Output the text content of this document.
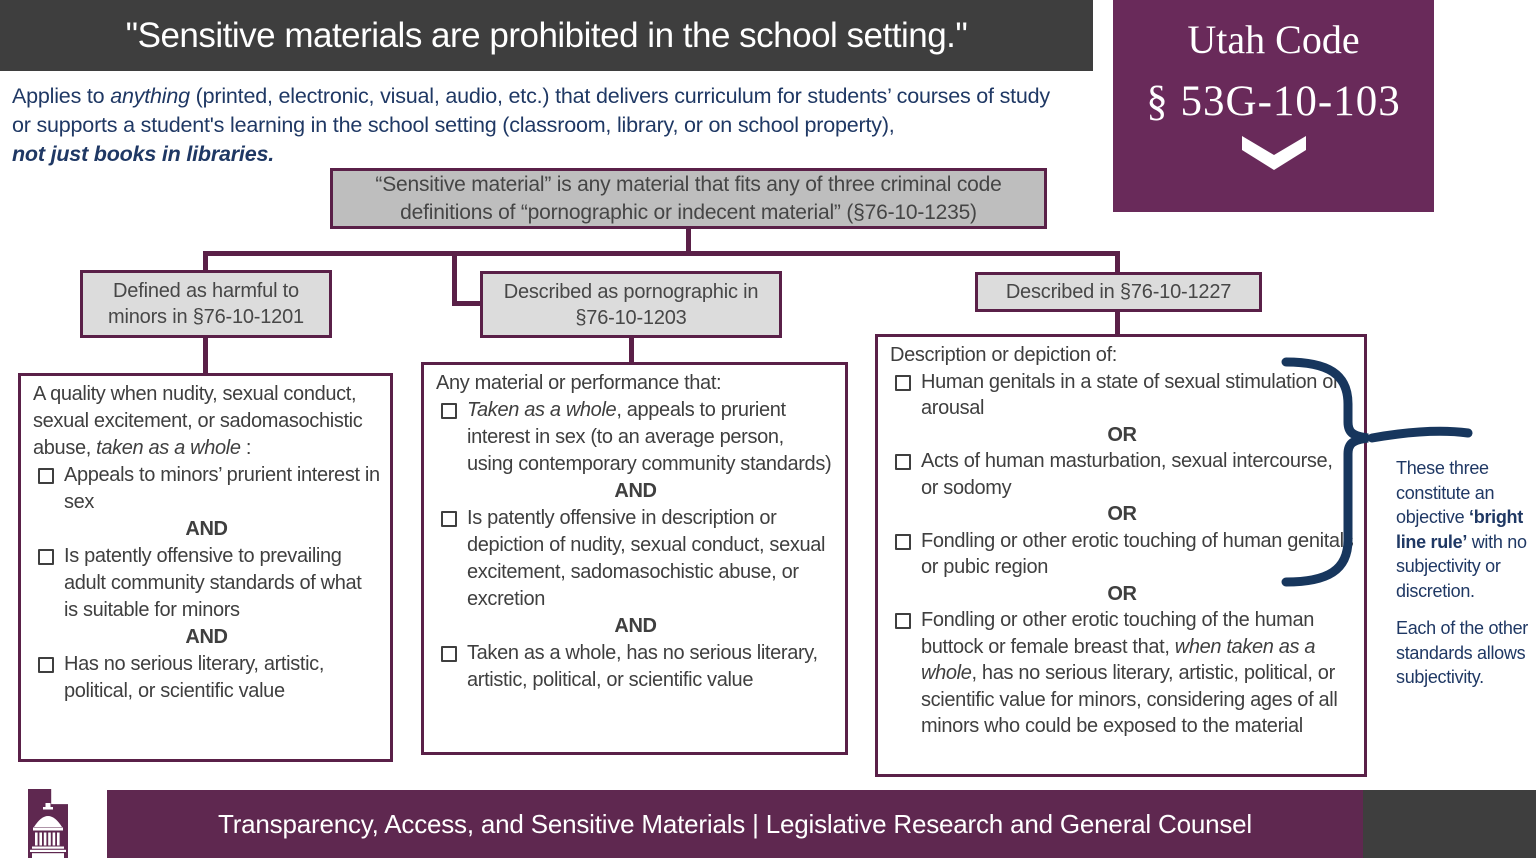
"Sensitive materials are prohibited in the school setting."	Utah Code
§ 53G-10-103
Applies to anything (printed, electronic, visual, audio, etc.) that delivers curriculum for students’ courses of study or supports a student's learning in the school setting (classroom, library, or on school property),
not just books in libraries.
“Sensitive material” is any material that fits any of three criminal code definitions of “pornographic or indecent material” (§76-10-1235)
Defined as harmful to minors in §76-10-1201
Described as pornographic in §76-10-1203
Described in §76-10-1227
A quality when nudity, sexual conduct, sexual excitement, or sadomasochistic abuse, taken as a whole :
Appeals to minors’ prurient interest in sex
AND
Is patently offensive to prevailing adult community standards of what is suitable for minors
AND
Has no serious literary, artistic, political, or scientific value
Any material or performance that:
Taken as a whole, appeals to prurient interest in sex (to an average person, using contemporary community standards)
AND
Is patently offensive in description or depiction of nudity, sexual conduct, sexual excitement, sadomasochistic abuse, or excretion
AND
Taken as a whole, has no serious literary, artistic, political, or scientific value
Description or depiction of:
Human genitals in a state of sexual stimulation or arousal
OR
Acts of human masturbation, sexual intercourse, or sodomy
OR
Fondling or other erotic touching of human genitals or pubic region
OR
Fondling or other erotic touching of the human buttock or female breast that, when taken as a whole, has no serious literary, artistic, political, or scientific value for minors, considering ages of all minors who could be exposed to the material

These three constitute an objective ‘bright line rule’ with no subjectivity or discretion.

Each of the other standards allows subjectivity.

Transparency, Access, and Sensitive Materials | Legislative Research and General Counsel
